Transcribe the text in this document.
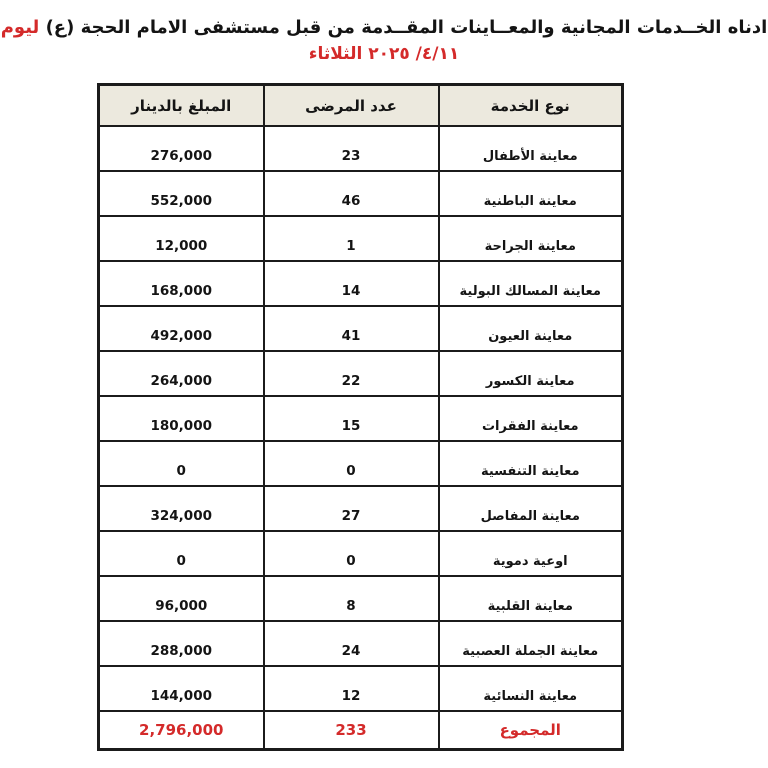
ادناه الخــدمات المجانية والمعــاينات المقــدمة من قبل مستشفى الامام الحجة (ع) ليوم
٤/١١/ ٢٠٢٥ الثلاثاء
نوع الخدمة	عدد المرضى	المبلغ بالدينار
معاينة الأطفال	23	276,000
معاينة الباطنية	46	552,000
معاينة الجراحة	1	12,000
معاينة المسالك البولية	14	168,000
معاينة العيون	41	492,000
معاينة الكسور	22	264,000
معاينة الفقرات	15	180,000
معاينة التنفسية	0	0
معاينة المفاصل	27	324,000
اوعية دموية	0	0
معاينة القلبية	8	96,000
معاينة الجملة العصبية	24	288,000
معاينة النسائية	12	144,000
المجموع	233	2,796,000
